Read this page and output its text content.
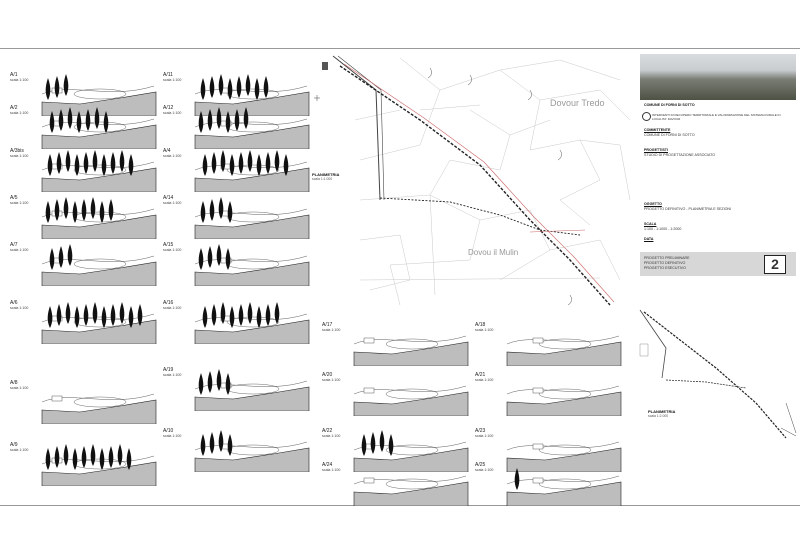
A/1
scala 1:100
A/11
scala 1:100
A/2
scala 1:100
A/12
scala 1:100
A/3bis
scala 1:100
A/4
scala 1:100
A/5
scala 1:100
A/14
scala 1:100
A/7
scala 1:100
A/15
scala 1:100
A/6
scala 1:100
A/16
scala 1:100
A/17
scala 1:100
A/18
scala 1:100
A/8
scala 1:100
A/19
scala 1:100	A/20
scala 1:100
A/21
scala 1:100
A/9
scala 1:100
A/10
scala 1:100
A/22
scala 1:100
A/23
scala 1:100
A/24
scala 1:100
A/25
scala 1:100
Dovour Tredo
Dovou il Mulin
PLANIMETRIA
scala 1:1.000
PLANIMETRIA
scala 1:2.000
COMUNE DI FORNI DI SOTTO
INTERVENTI DI RECUPERO TERRITORIALE E VALORIZZAZIONE DEL SISTEMA RURALE IN LOCALITA' DAVOUR
COMMITTENTE
COMUNE DI FORNI DI SOTTO
PROGETTISTI
STUDIO DI PROGETTAZIONE ASSOCIATO
OGGETTO
PROGETTO DEFINITIVO - PLANIMETRIA E SEZIONI
SCALA
1:100 - 1:1000 - 1:2000
DATA
PROGETTO PRELIMINARE
PROGETTO DEFINITIVO
PROGETTO ESECUTIVO	2
